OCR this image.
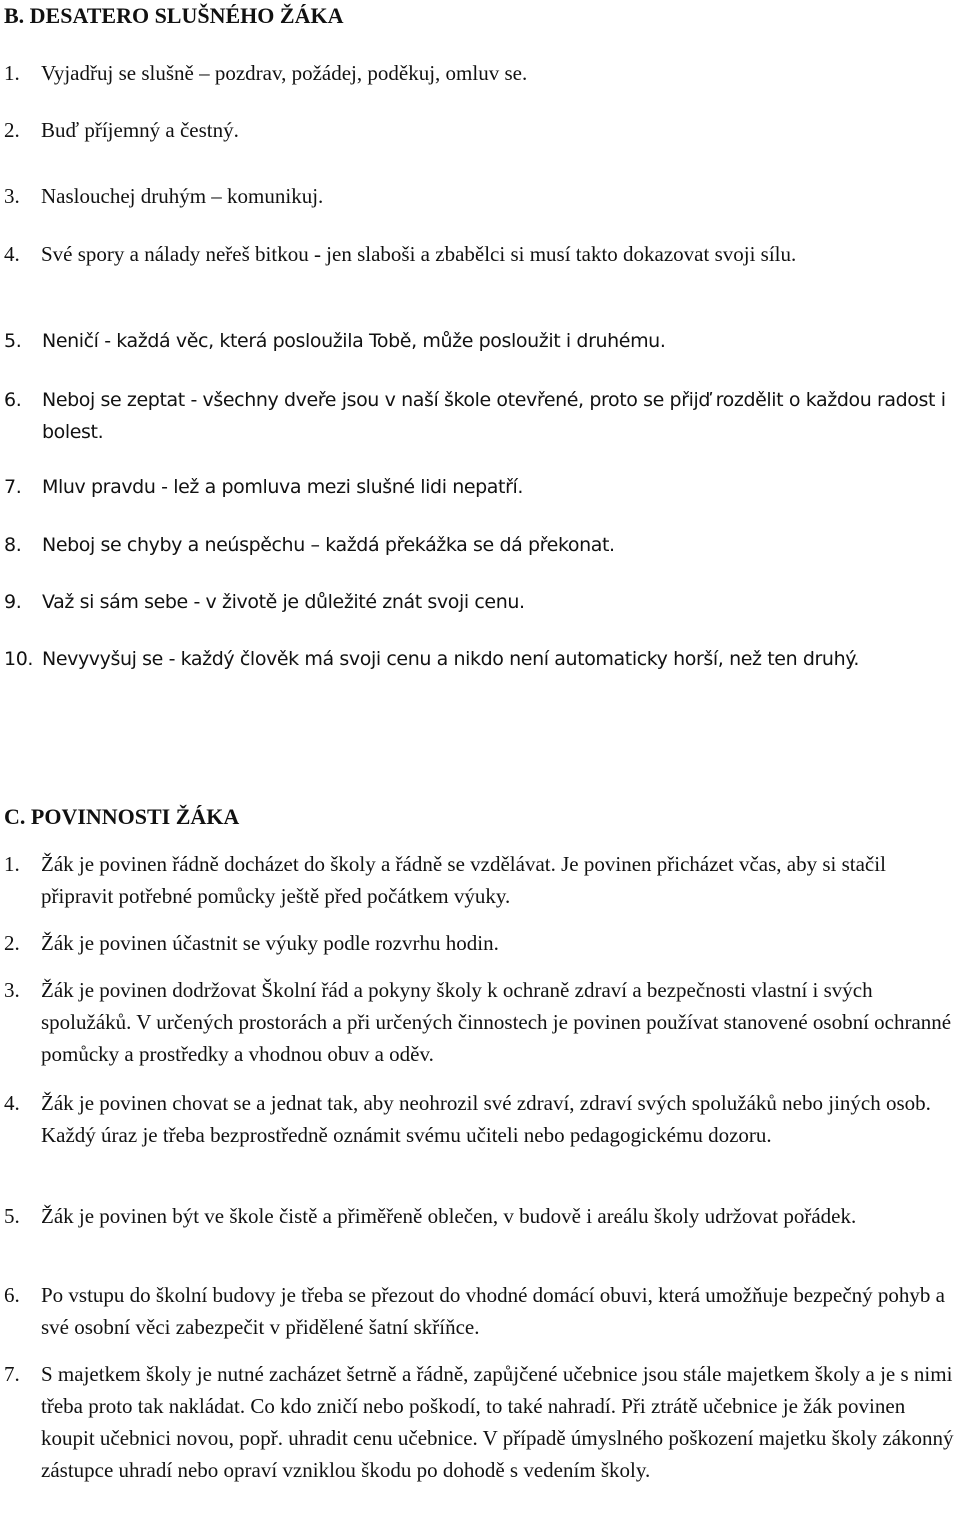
B. DESATERO SLUŠNÉHO ŽÁKA
1. Vyjadřuj se slušně – pozdrav, požádej, poděkuj, omluv se.
2. Buď příjemný a čestný.
3. Naslouchej druhým – komunikuj.
4. Své spory a nálady neřeš bitkou - jen slaboši a zbabělci si musí takto dokazovat svoji sílu.
5. Neničí - každá věc, která posloužila Tobě, může posloužit i druhému.
6. Neboj se zeptat - všechny dveře jsou v naší škole otevřené, proto se přijď rozdělit o každou radost i bolest.
7. Mluv pravdu - lež a pomluva mezi slušné lidi nepatří.
8. Neboj se chyby a neúspěchu – každá překážka se dá překonat.
9. Važ si sám sebe - v životě je důležité znát svoji cenu.
10. Nevyvyšuj se - každý člověk má svoji cenu a nikdo není automaticky horší, než ten druhý.
C. POVINNOSTI ŽÁKA
1. Žák je povinen řádně docházet do školy a řádně se vzdělávat. Je povinen přicházet včas, aby si stačil připravit potřebné pomůcky ještě před počátkem výuky.
2. Žák je povinen účastnit se výuky podle rozvrhu hodin.
3. Žák je povinen dodržovat Školní řád a pokyny školy k ochraně zdraví a bezpečnosti vlastní i svých spolužáků. V určených prostorách a při určených činnostech je povinen používat stanovené osobní ochranné pomůcky a prostředky a vhodnou obuv a oděv.
4. Žák je povinen chovat se a jednat tak, aby neohrozil své zdraví, zdraví svých spolužáků nebo jiných osob. Každý úraz je třeba bezprostředně oznámit svému učiteli nebo pedagogickému dozoru.
5. Žák je povinen být ve škole čistě a přiměřeně oblečen, v budově i areálu školy udržovat pořádek.
6. Po vstupu do školní budovy je třeba se přezout do vhodné domácí obuvi, která umožňuje bezpečný pohyb a své osobní věci zabezpečit v přidělené šatní skříňce.
7. S majetkem školy je nutné zacházet šetrně a řádně, zapůjčené učebnice jsou stále majetkem školy a je s nimi třeba proto tak nakládat. Co kdo zničí nebo poškodí, to také nahradí. Při ztrátě učebnice je žák povinen koupit učebnici novou, popř. uhradit cenu učebnice. V případě úmyslného poškození majetku školy zákonný zástupce uhradí nebo opraví vzniklou škodu po dohodě s vedením školy.
